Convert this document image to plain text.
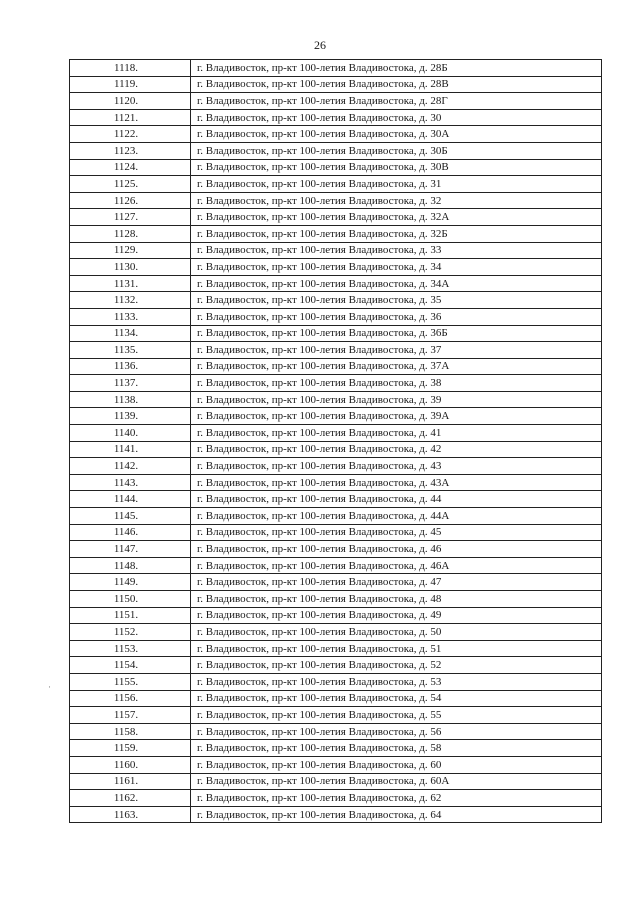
26
·
1118.	г. Владивосток, пр-кт 100-летия Владивостока, д. 28Б
1119.	г. Владивосток, пр-кт 100-летия Владивостока, д. 28В
1120.	г. Владивосток, пр-кт 100-летия Владивостока, д. 28Г
1121.	г. Владивосток, пр-кт 100-летия Владивостока, д. 30
1122.	г. Владивосток, пр-кт 100-летия Владивостока, д. 30А
1123.	г. Владивосток, пр-кт 100-летия Владивостока, д. 30Б
1124.	г. Владивосток, пр-кт 100-летия Владивостока, д. 30В
1125.	г. Владивосток, пр-кт 100-летия Владивостока, д. 31
1126.	г. Владивосток, пр-кт 100-летия Владивостока, д. 32
1127.	г. Владивосток, пр-кт 100-летия Владивостока, д. 32А
1128.	г. Владивосток, пр-кт 100-летия Владивостока, д. 32Б
1129.	г. Владивосток, пр-кт 100-летия Владивостока, д. 33
1130.	г. Владивосток, пр-кт 100-летия Владивостока, д. 34
1131.	г. Владивосток, пр-кт 100-летия Владивостока, д. 34А
1132.	г. Владивосток, пр-кт 100-летия Владивостока, д. 35
1133.	г. Владивосток, пр-кт 100-летия Владивостока, д. 36
1134.	г. Владивосток, пр-кт 100-летия Владивостока, д. 36Б
1135.	г. Владивосток, пр-кт 100-летия Владивостока, д. 37
1136.	г. Владивосток, пр-кт 100-летия Владивостока, д. 37А
1137.	г. Владивосток, пр-кт 100-летия Владивостока, д. 38
1138.	г. Владивосток, пр-кт 100-летия Владивостока, д. 39
1139.	г. Владивосток, пр-кт 100-летия Владивостока, д. 39А
1140.	г. Владивосток, пр-кт 100-летия Владивостока, д. 41
1141.	г. Владивосток, пр-кт 100-летия Владивостока, д. 42
1142.	г. Владивосток, пр-кт 100-летия Владивостока, д. 43
1143.	г. Владивосток, пр-кт 100-летия Владивостока, д. 43А
1144.	г. Владивосток, пр-кт 100-летия Владивостока, д. 44
1145.	г. Владивосток, пр-кт 100-летия Владивостока, д. 44А
1146.	г. Владивосток, пр-кт 100-летия Владивостока, д. 45
1147.	г. Владивосток, пр-кт 100-летия Владивостока, д. 46
1148.	г. Владивосток, пр-кт 100-летия Владивостока, д. 46А
1149.	г. Владивосток, пр-кт 100-летия Владивостока, д. 47
1150.	г. Владивосток, пр-кт 100-летия Владивостока, д. 48
1151.	г. Владивосток, пр-кт 100-летия Владивостока, д. 49
1152.	г. Владивосток, пр-кт 100-летия Владивостока, д. 50
1153.	г. Владивосток, пр-кт 100-летия Владивостока, д. 51
1154.	г. Владивосток, пр-кт 100-летия Владивостока, д. 52
1155.	г. Владивосток, пр-кт 100-летия Владивостока, д. 53
1156.	г. Владивосток, пр-кт 100-летия Владивостока, д. 54
1157.	г. Владивосток, пр-кт 100-летия Владивостока, д. 55
1158.	г. Владивосток, пр-кт 100-летия Владивостока, д. 56
1159.	г. Владивосток, пр-кт 100-летия Владивостока, д. 58
1160.	г. Владивосток, пр-кт 100-летия Владивостока, д. 60
1161.	г. Владивосток, пр-кт 100-летия Владивостока, д. 60А
1162.	г. Владивосток, пр-кт 100-летия Владивостока, д. 62
1163.	г. Владивосток, пр-кт 100-летия Владивостока, д. 64
